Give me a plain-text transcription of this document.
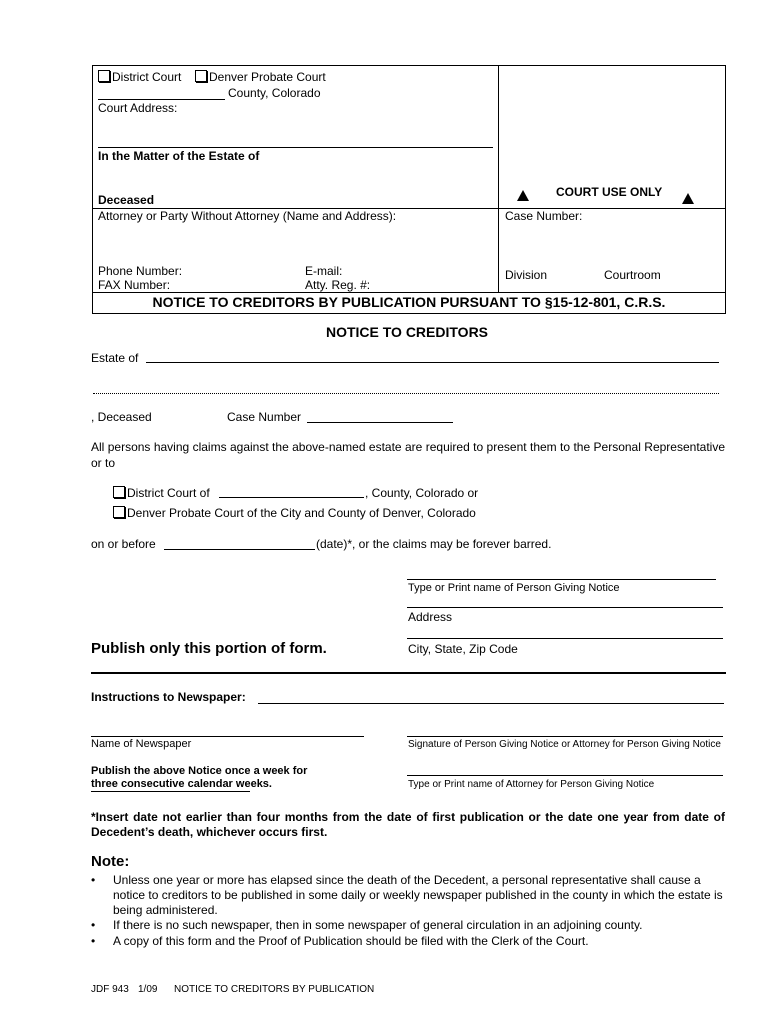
District Court	Denver Probate Court
County, Colorado
Court Address:
In the Matter of the Estate of
Deceased
COURT USE ONLY
Attorney or Party Without Attorney (Name and Address):
Phone Number:	E-mail:
FAX Number:	Atty. Reg. #:
Case Number:
Division	Courtroom
NOTICE TO CREDITORS BY PUBLICATION PURSUANT TO §15-12-801, C.R.S.
NOTICE TO CREDITORS
Estate of
, Deceased	Case Number
All persons having claims against the above-named estate are required to present them to the Personal Representative or to
District Court of	, County, Colorado or
Denver Probate Court of the City and County of Denver, Colorado
on or before	(date)*, or the claims may be forever barred.
Type or Print name of Person Giving Notice
Address
Publish only this portion of form.	City, State, Zip Code
Instructions to Newspaper:
Name of Newspaper	Signature of Person Giving Notice or Attorney for Person Giving Notice
Publish the above Notice once a week for
three consecutive calendar weeks.	Type or Print name of Attorney for Person Giving Notice
*Insert date not earlier than four months from the date of first publication or the date one year from date of Decedent’s death, whichever occurs first.
Note:
• Unless one year or more has elapsed since the death of the Decedent, a personal representative shall cause a notice to creditors to be published in some daily or weekly newspaper published in the county in which the estate is being administered.
• If there is no such newspaper, then in some newspaper of general circulation in an adjoining county.
• A copy of this form and the Proof of Publication should be filed with the Clerk of the Court.
JDF 943 1/09 NOTICE TO CREDITORS BY PUBLICATION
